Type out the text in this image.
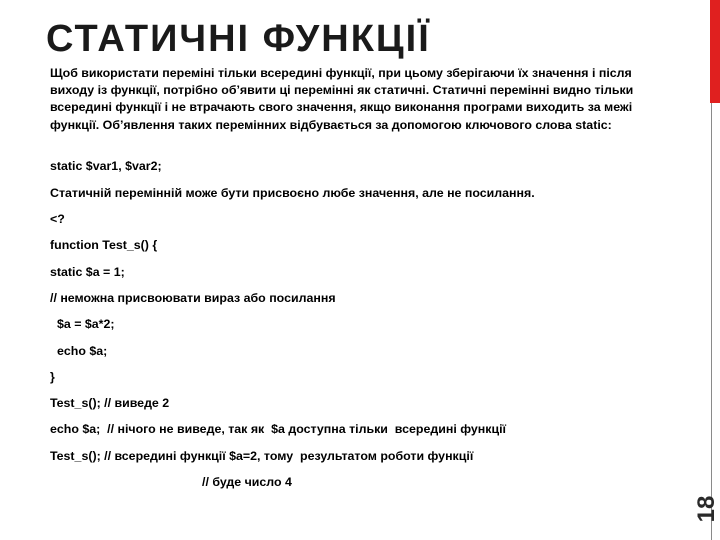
СТАТИЧНІ ФУНКЦІЇ
Щоб використати переміні тільки всередині функції, при цьому зберігаючи їх значення і після виходу із функції, потрібно об’явити ці перемінні як статичні. Статичні перемінні видно тільки всередині функції і не втрачають свого значення, якщо виконання програми виходить за межі функції. Об’явлення таких перемінних відбувається за допомогою ключового слова static:
static $var1, $var2;
Статичній перемінній може бути присвоєно любе значення, але не посилання.
<?
function Test_s() {
static $a = 1;
// неможна присвоювати вираз або посилання
$a = $a*2;
echo $a;
}
Test_s(); // виведе 2
echo $a;  // нічого не виведе, так як  $a доступна тільки  всередині функції
Test_s(); // всередині функції $a=2, тому  результатом роботи функції
// буде число 4
18
